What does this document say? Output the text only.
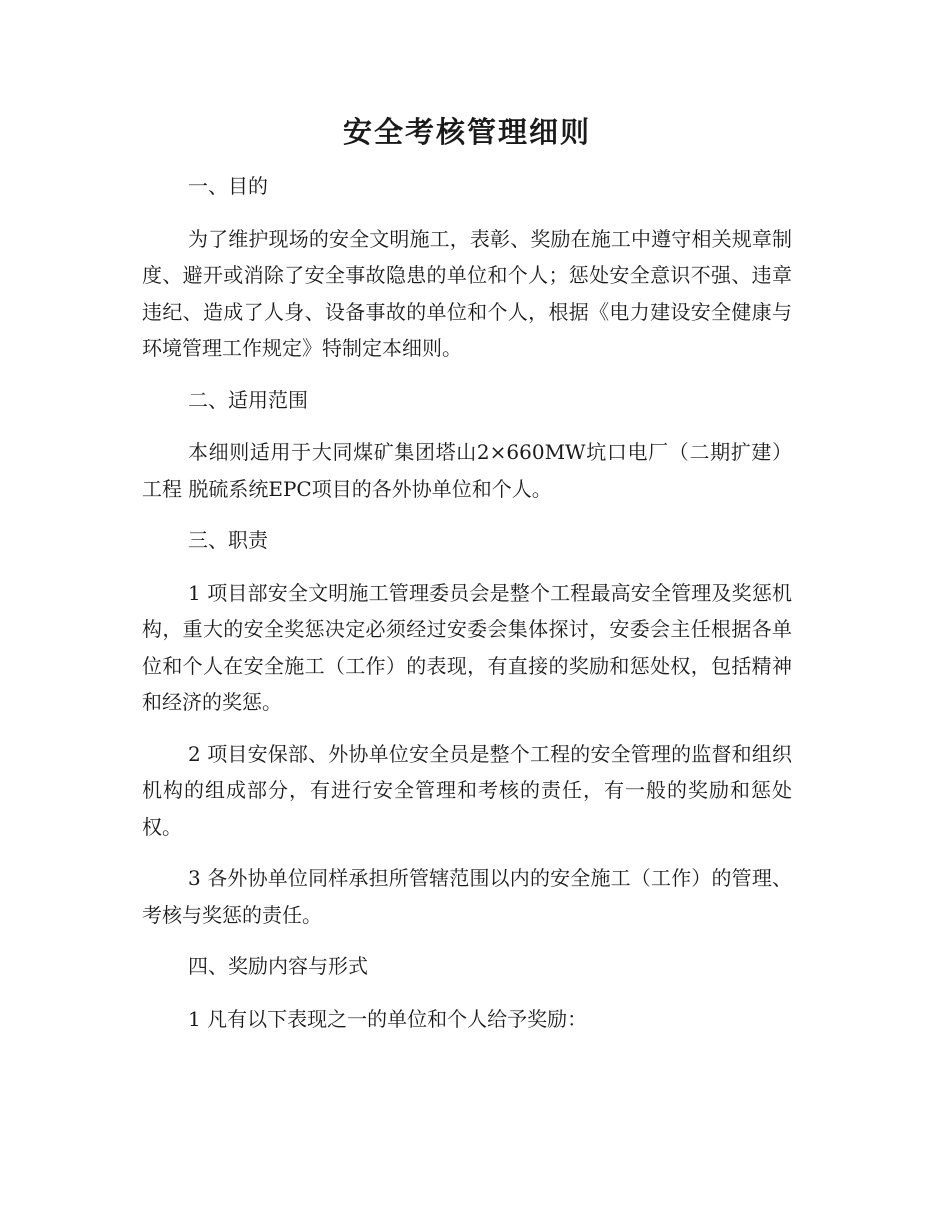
安全考核管理细则

一、目的

为了维护现场的安全文明施工，表彰、奖励在施工中遵守相关规章制度、避开或消除了安全事故隐患的单位和个人；惩处安全意识不强、违章违纪、造成了人身、设备事故的单位和个人，根据《电力建设安全健康与环境管理工作规定》特制定本细则。

二、适用范围

本细则适用于大同煤矿集团塔山2×660MW坑口电厂（二期扩建）工程 脱硫系统EPC项目的各外协单位和个人。

三、职责

1 项目部安全文明施工管理委员会是整个工程最高安全管理及奖惩机构，重大的安全奖惩决定必须经过安委会集体探讨，安委会主任根据各单位和个人在安全施工（工作）的表现，有直接的奖励和惩处权，包括精神和经济的奖惩。

2 项目安保部、外协单位安全员是整个工程的安全管理的监督和组织机构的组成部分，有进行安全管理和考核的责任，有一般的奖励和惩处权。

3 各外协单位同样承担所管辖范围以内的安全施工（工作）的管理、考核与奖惩的责任。

四、奖励内容与形式

1 凡有以下表现之一的单位和个人给予奖励：
